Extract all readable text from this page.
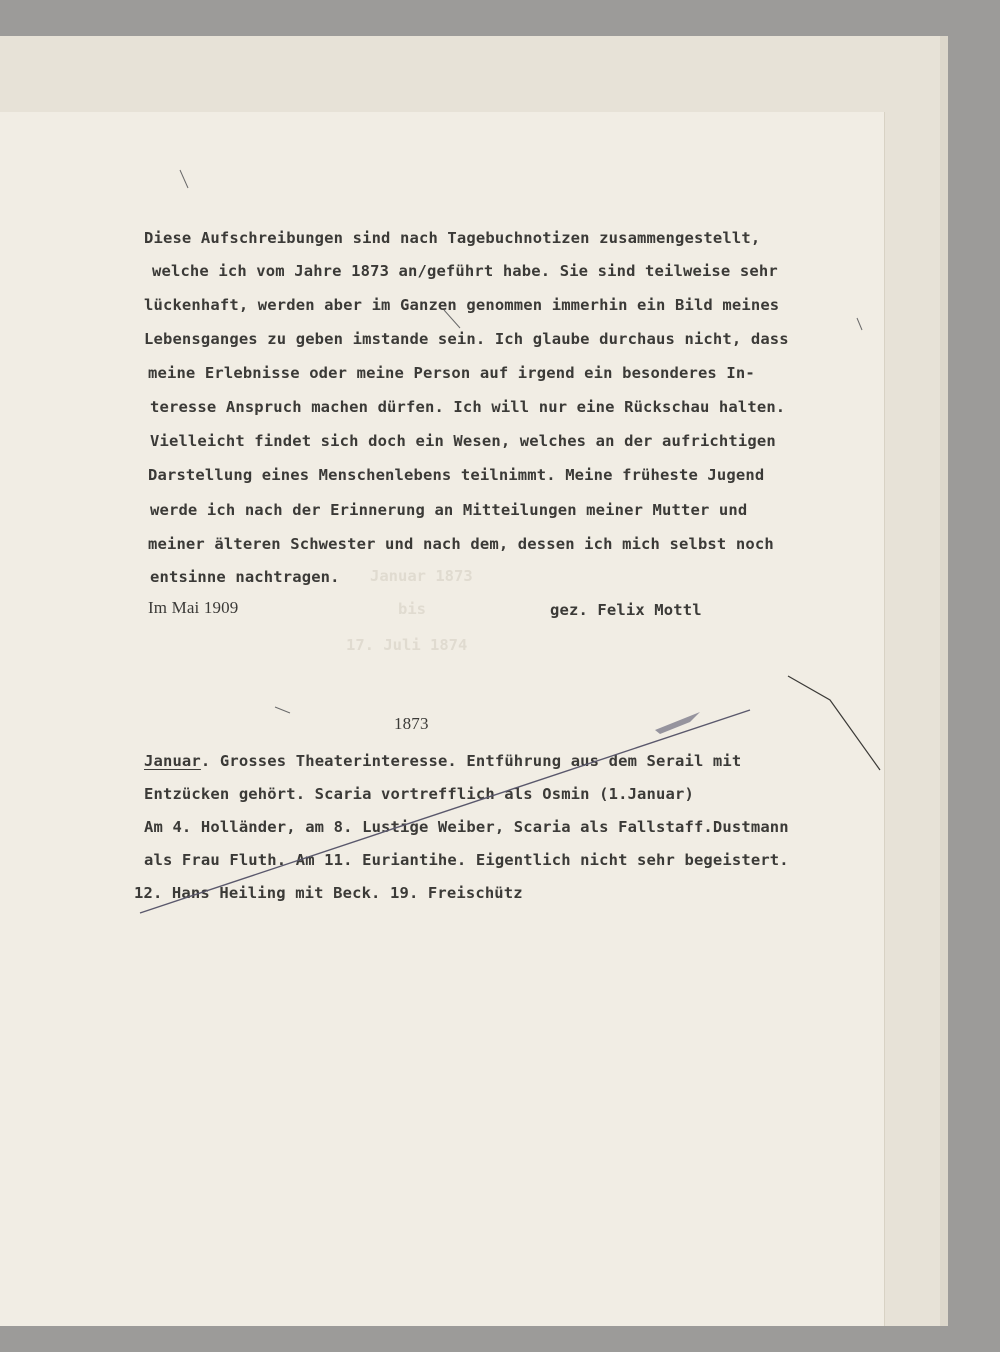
Januar 1873
bis
17. Juli 1874
Diese Aufschreibungen sind nach Tagebuchnotizen zusammengestellt,
welche ich vom Jahre 1873 an/geführt habe. Sie sind teilweise sehr
lückenhaft, werden aber im Ganzen genommen immerhin ein Bild meines
Lebensganges zu geben imstande sein. Ich glaube durchaus nicht, dass
meine Erlebnisse oder meine Person auf irgend ein besonderes In-
teresse Anspruch machen dürfen. Ich will nur eine Rückschau halten.
Vielleicht findet sich doch ein Wesen, welches an der aufrichtigen
Darstellung eines Menschenlebens teilnimmt. Meine früheste Jugend
werde ich nach der Erinnerung an Mitteilungen meiner Mutter und
meiner älteren Schwester und nach dem, dessen ich mich selbst noch
entsinne nachtragen.
Im Mai 1909	gez. Felix Mottl
1873
Januar. Grosses Theaterinteresse. Entführung aus dem Serail mit
Entzücken gehört. Scaria vortrefflich als Osmin (1.Januar)
Am 4. Holländer, am 8. Lustige Weiber, Scaria als Fallstaff.Dustmann
als Frau Fluth. Am 11. Euriantihe. Eigentlich nicht sehr begeistert.
12. Hans Heiling mit Beck. 19. Freischütz
